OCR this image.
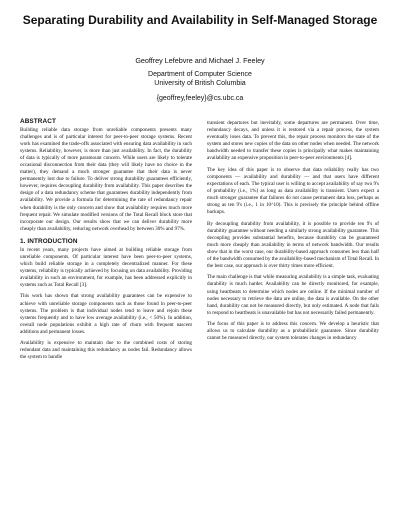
Separating Durability and Availability in Self-Managed Storage
Geoffrey Lefebvre and Michael J. Feeley
Department of Computer Science
University of British Columbia
{geoffrey,feeley}@cs.ubc.ca
ABSTRACT

Building reliable data storage from unreliable components presents many challenges and is of particular interest for peer-to-peer storage systems. Recent work has examined the trade-offs associated with ensuring data availability in such systems. Reliability, however, is more than just availability. In fact, the durability of data is typically of more paramount concern. While users are likely to tolerate occasional disconnection from their data (they will likely have no choice in the matter), they demand a much stronger guarantee that their data is never permanently lost due to failure. To deliver strong durability guarantees efficiently, however, requires decoupling durability from availability. This paper describes the design of a data redundancy scheme that guarantees durability independently from availability. We provide a formula for determining the rate of redundancy repair when durability is the only concern and show that availability requires much more frequent repair. We simulate modified versions of the Total Recall block store that incorporate our design. Our results show that we can deliver durability more cheaply than availability, reducing network overhead by between 30% and 97%.

1. INTRODUCTION

In recent years, many projects have aimed at building reliable storage from unreliable components. Of particular interest have been peer-to-peer systems, which build reliable storage in a completely decentralized manner. For these systems, reliability is typically achieved by focusing on data availability. Providing availability in such an environment, for example, has been addressed explicitly in systems such as Total Recall [3].

This work has shown that strong availability guarantees can be expensive to achieve with unreliable storage components such as those found in peer-to-peer systems. The problem is that individual nodes tend to leave and rejoin these systems frequently and to have low average availability (i.e., < 50%). In addition, overall node populations exhibit a high rate of churn with frequent nascent additions and permanent losses.

Availability is expensive to maintain due to the combined costs of storing redundant data and maintaining this redundancy as nodes fail. Redundancy allows the system to handle

transient departures but inevitably, some departures are permanent. Over time, redundancy decays, and unless it is restored via a repair process, the system eventually loses data. To prevent this, the repair process monitors the state of the system and stores new copies of the data on other nodes when needed. The network bandwidth needed to transfer these copies is principally what makes maintaining availability an expensive proposition in peer-to-peer environments [4].

The key idea of this paper is to observe that data reliability really has two components — availability and durability — and that users have different expectations of each. The typical user is willing to accept availability of say two 9's of probability (i.e., 1%) as long as data availability is transient. Users expect a much stronger guarantee that failures do not cause permanent data loss, perhaps as strong as ten 9's (i.e., 1 in 10^10). This is precisely the principle behind offline backups.

By decoupling durability from availability, it is possible to provide ten 9's of durability guarantee without needing a similarly strong availability guarantee. This decoupling provides substantial benefits, because durability can be guaranteed much more cheaply than availability in terms of network bandwidth. Our results show that in the worst case, our durability-based approach consumes less than half of the bandwidth consumed by the availability-based mechanism of Total Recall. In the best case, our approach is over thirty times more efficient.

The main challenge is that while measuring availability is a simple task, evaluating durability is much harder. Availability can be directly monitored, for example, using heartbeats to determine which nodes are online. If the minimal number of nodes necessary to retrieve the data are online, the data is available. On the other hand, durability can not be measured directly, but only estimated. A node that fails to respond to heartbeats is unavailable but has not necessarily failed permanently.

The focus of this paper is to address this concern. We develop a heuristic that allows us to calculate durability as a probabilistic guarantee. Since durability cannot be measured directly, our system tolerates changes in redundancy
